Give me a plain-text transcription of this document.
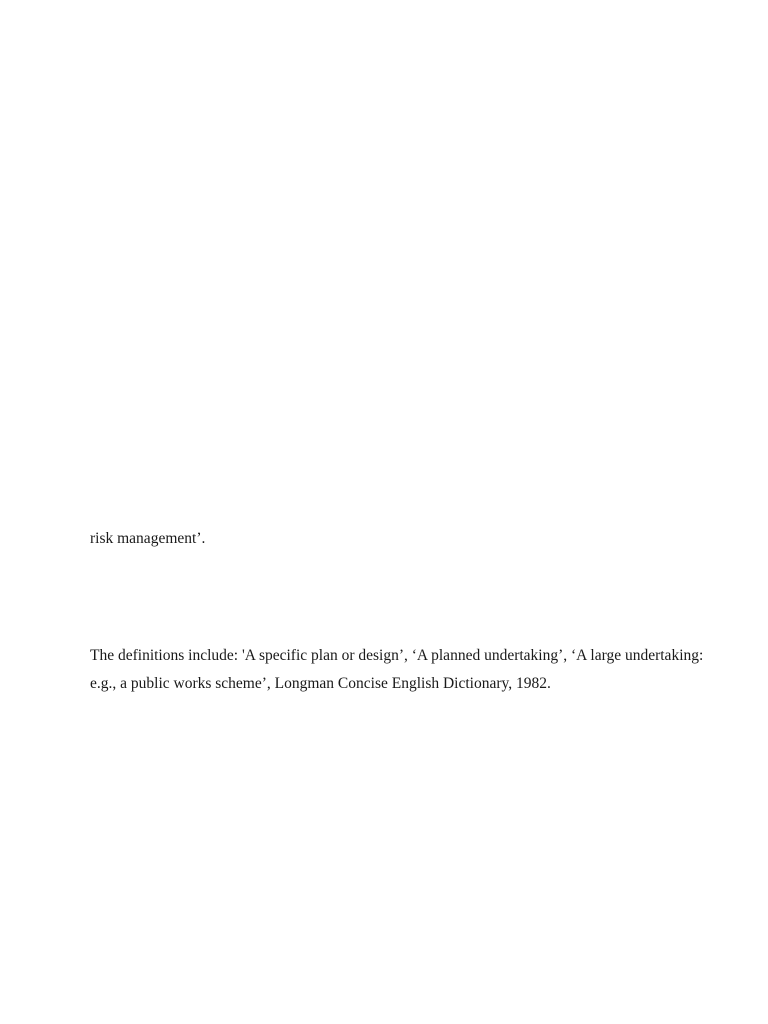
risk management’.

The definitions include: 'A specific plan or design’, ‘A planned undertaking’, ‘A large undertaking:

e.g., a public works scheme’, Longman Concise English Dictionary, 1982.
